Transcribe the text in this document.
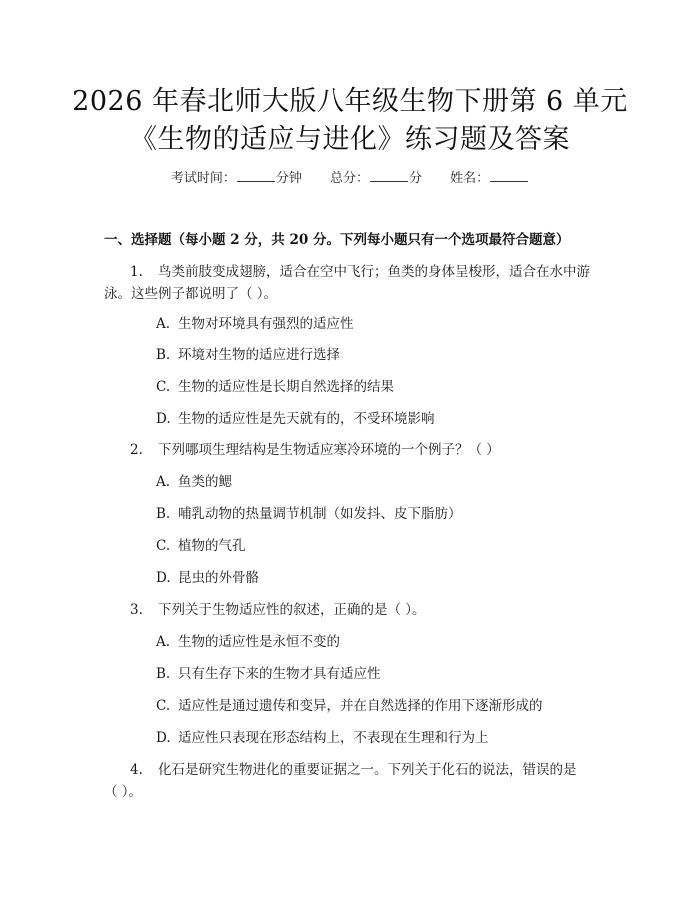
2026 年春北师大版八年级生物下册第 6 单元
《生物的适应与进化》练习题及答案
考试时间：	分钟 总分：	分 姓名：
一、选择题（每小题 2 分，共 20 分。下列每小题只有一个选项最符合题意）
1. 鸟类前肢变成翅膀，适合在空中飞行；鱼类的身体呈梭形，适合在水中游
泳。这些例子都说明了（ ）。
A. 生物对环境具有强烈的适应性
B. 环境对生物的适应进行选择
C. 生物的适应性是长期自然选择的结果
D. 生物的适应性是先天就有的，不受环境影响
2. 下列哪项生理结构是生物适应寒冷环境的一个例子？（ ）
A. 鱼类的鳃
B. 哺乳动物的热量调节机制（如发抖、皮下脂肪）
C. 植物的气孔
D. 昆虫的外骨骼
3. 下列关于生物适应性的叙述，正确的是（ ）。
A. 生物的适应性是永恒不变的
B. 只有生存下来的生物才具有适应性
C. 适应性是通过遗传和变异，并在自然选择的作用下逐渐形成的
D. 适应性只表现在形态结构上，不表现在生理和行为上
4. 化石是研究生物进化的重要证据之一。下列关于化石的说法，错误的是
（ ）。
